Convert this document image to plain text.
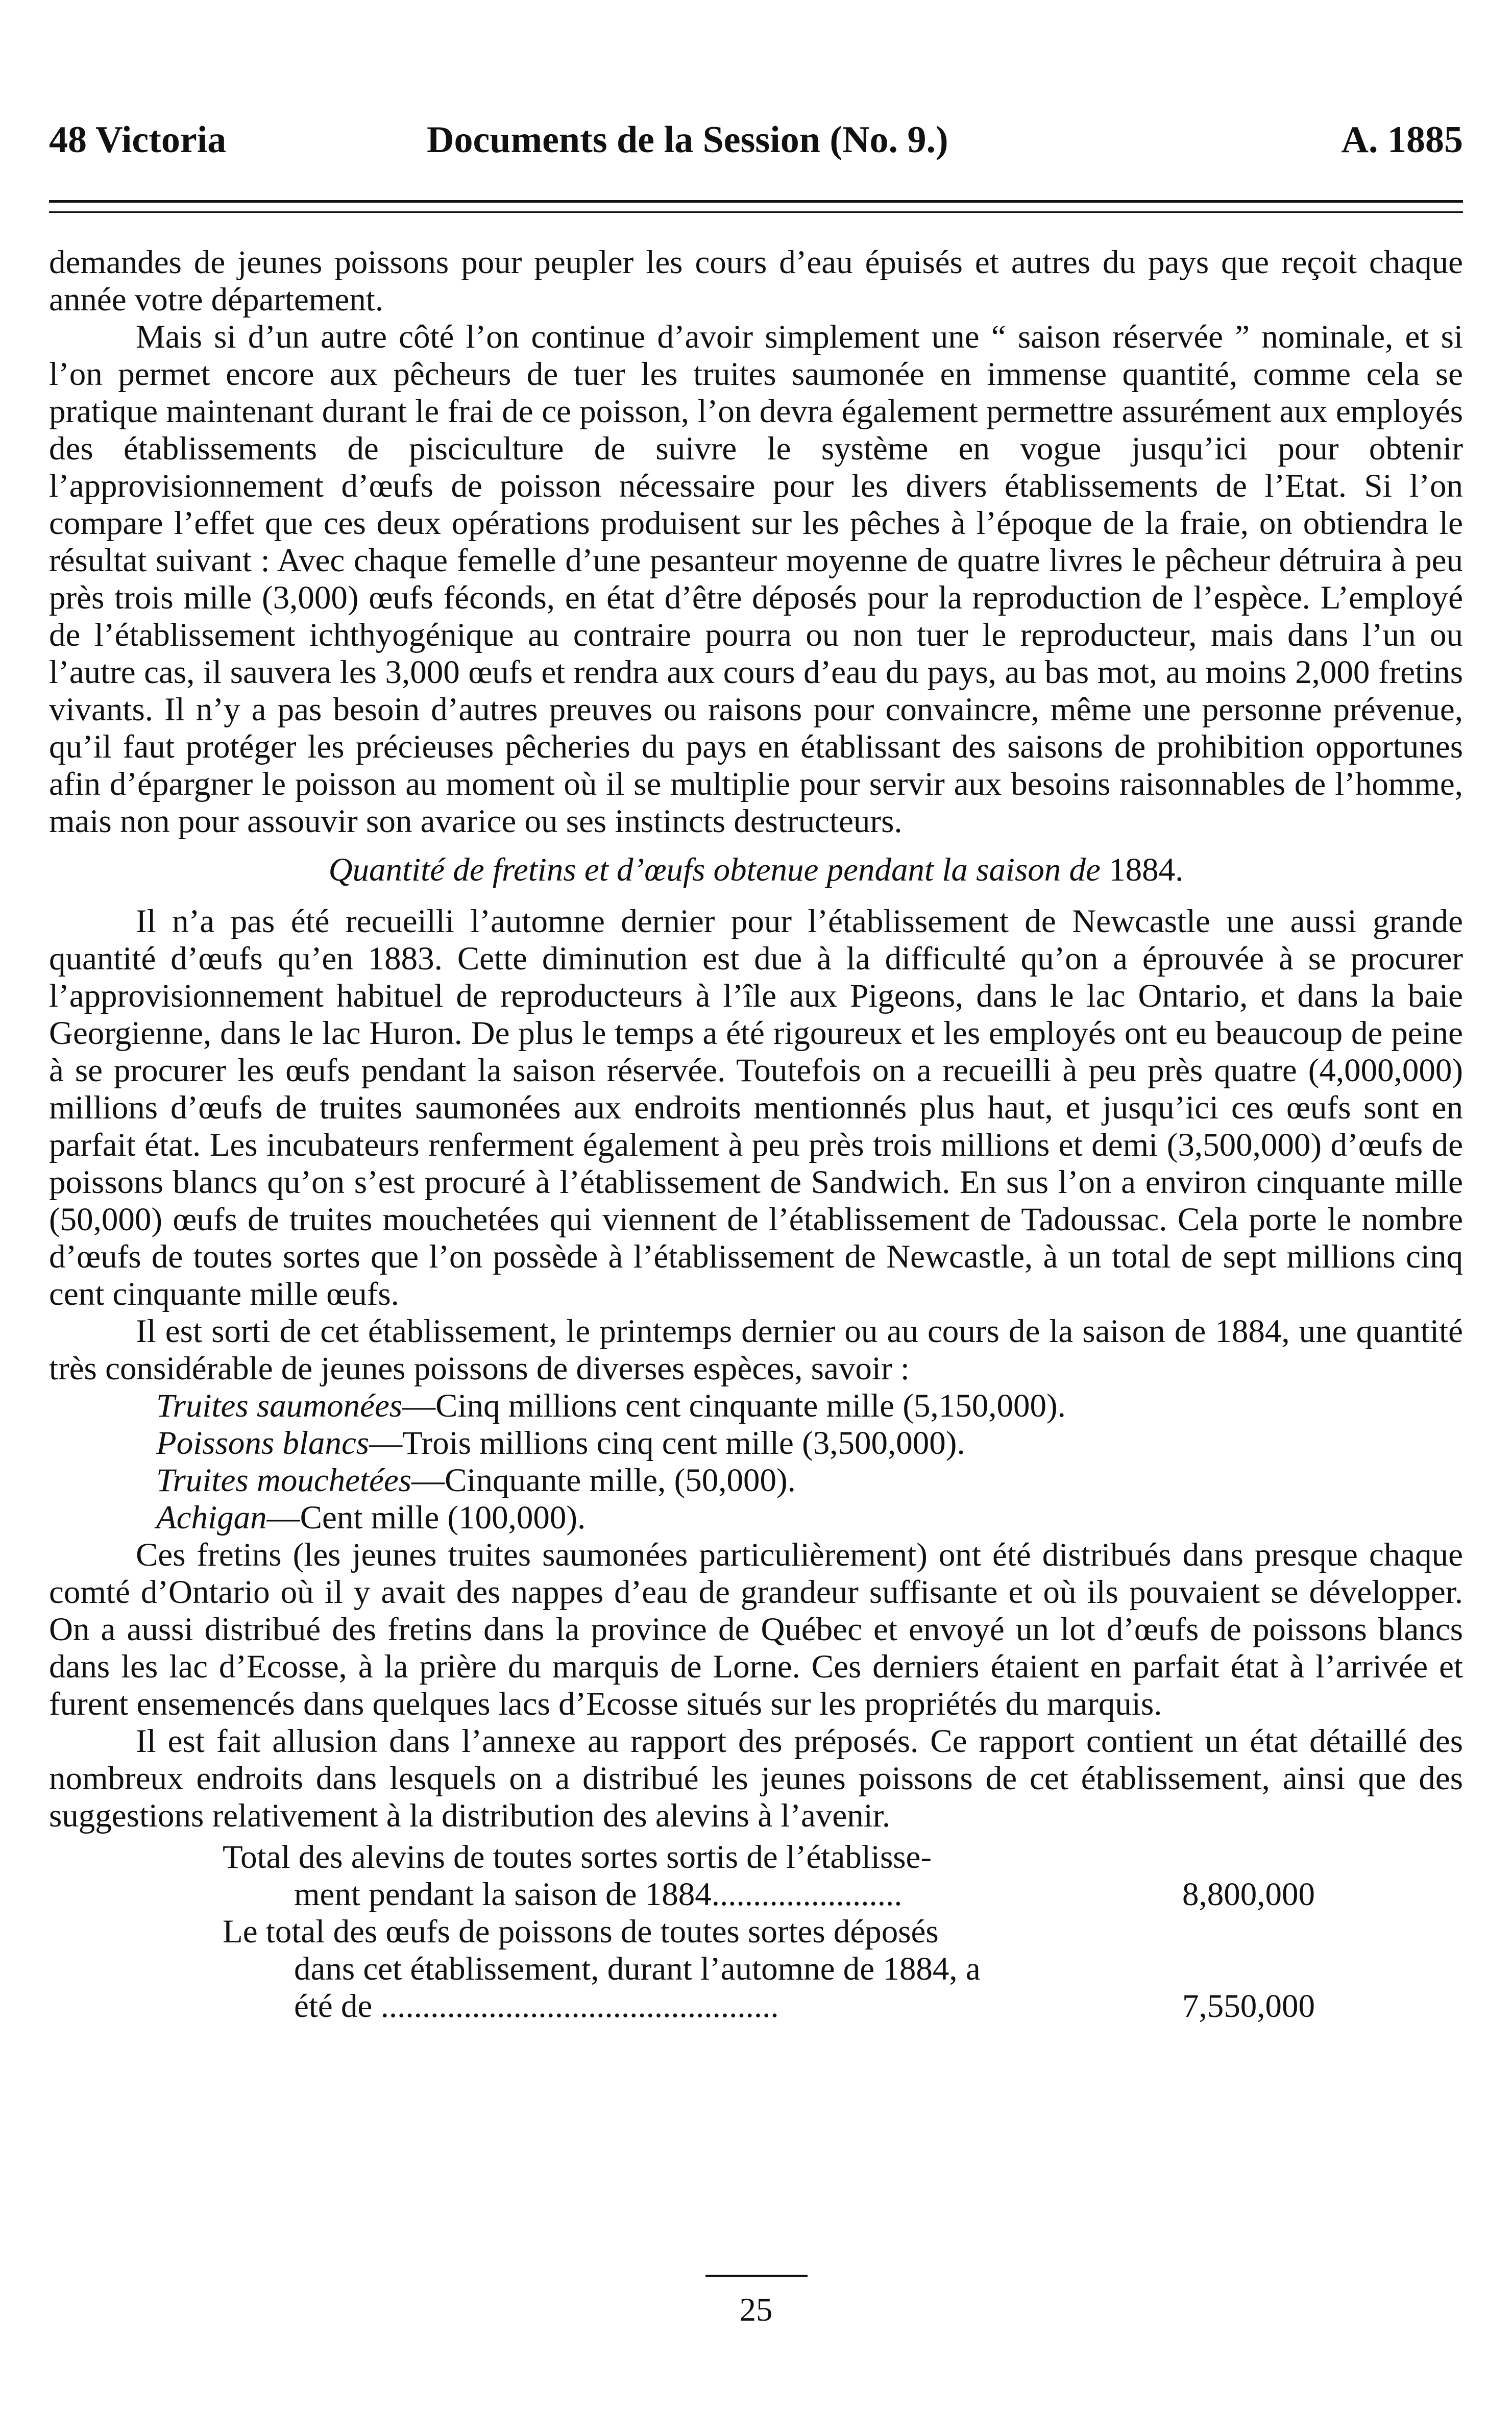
48 Victoria	Documents de la Session (No. 9.)	A. 1885

demandes de jeunes poissons pour peupler les cours d’eau épuisés et autres du pays que reçoit chaque année votre département.

Mais si d’un autre côté l’on continue d’avoir simplement une “ saison réservée ” nominale, et si l’on permet encore aux pêcheurs de tuer les truites saumonée en immense quantité, comme cela se pratique maintenant durant le frai de ce poisson, l’on devra également permettre assurément aux employés des établissements de pisciculture de suivre le système en vogue jusqu’ici pour obtenir l’approvisionnement d’œufs de poisson nécessaire pour les divers établissements de l’Etat. Si l’on compare l’effet que ces deux opérations produisent sur les pêches à l’époque de la fraie, on obtiendra le résultat suivant : Avec chaque femelle d’une pesanteur moyenne de quatre livres le pêcheur détruira à peu près trois mille (3,000) œufs féconds, en état d’être déposés pour la reproduction de l’espèce. L’employé de l’établissement ichthyogénique au contraire pourra ou non tuer le reproducteur, mais dans l’un ou l’autre cas, il sauvera les 3,000 œufs et rendra aux cours d’eau du pays, au bas mot, au moins 2,000 fretins vivants. Il n’y a pas besoin d’autres preuves ou raisons pour convaincre, même une personne prévenue, qu’il faut protéger les précieuses pêcheries du pays en établissant des saisons de prohibition opportunes afin d’épargner le poisson au moment où il se multiplie pour servir aux besoins raisonnables de l’homme, mais non pour assouvir son avarice ou ses instincts destructeurs.

Quantité de fretins et d’œufs obtenue pendant la saison de 1884.

Il n’a pas été recueilli l’automne dernier pour l’établissement de Newcastle une aussi grande quantité d’œufs qu’en 1883. Cette diminution est due à la difficulté qu’on a éprouvée à se procurer l’approvisionnement habituel de reproducteurs à l’île aux Pigeons, dans le lac Ontario, et dans la baie Georgienne, dans le lac Huron. De plus le temps a été rigoureux et les employés ont eu beaucoup de peine à se procurer les œufs pendant la saison réservée. Toutefois on a recueilli à peu près quatre (4,000,000) millions d’œufs de truites saumonées aux endroits mentionnés plus haut, et jusqu’ici ces œufs sont en parfait état. Les incubateurs renferment également à peu près trois millions et demi (3,500,000) d’œufs de poissons blancs qu’on s’est procuré à l’établissement de Sandwich. En sus l’on a environ cinquante mille (50,000) œufs de truites mouchetées qui viennent de l’établissement de Tadoussac. Cela porte le nombre d’œufs de toutes sortes que l’on possède à l’établissement de Newcastle, à un total de sept millions cinq cent cinquante mille œufs.

Il est sorti de cet établissement, le printemps dernier ou au cours de la saison de 1884, une quantité très considérable de jeunes poissons de diverses espèces, savoir :

Truites saumonées—Cinq millions cent cinquante mille (5,150,000).

Poissons blancs—Trois millions cinq cent mille (3,500,000).

Truites mouchetées—Cinquante mille, (50,000).

Achigan—Cent mille (100,000).

Ces fretins (les jeunes truites saumonées particulièrement) ont été distribués dans presque chaque comté d’Ontario où il y avait des nappes d’eau de grandeur suffisante et où ils pouvaient se développer. On a aussi distribué des fretins dans la province de Québec et envoyé un lot d’œufs de poissons blancs dans les lac d’Ecosse, à la prière du marquis de Lorne. Ces derniers étaient en parfait état à l’arrivée et furent ensemencés dans quelques lacs d’Ecosse situés sur les propriétés du marquis.

Il est fait allusion dans l’annexe au rapport des préposés. Ce rapport contient un état détaillé des nombreux endroits dans lesquels on a distribué les jeunes poissons de cet établissement, ainsi que des suggestions relativement à la distribution des alevins à l’avenir.

Total des alevins de toutes sortes sortis de l’établisse-
ment pendant la saison de 1884.......................	8,800,000
Le total des œufs de poissons de toutes sortes déposés
dans cet établissement, durant l’automne de 1884, a
été de ................................................	7,550,000
25
